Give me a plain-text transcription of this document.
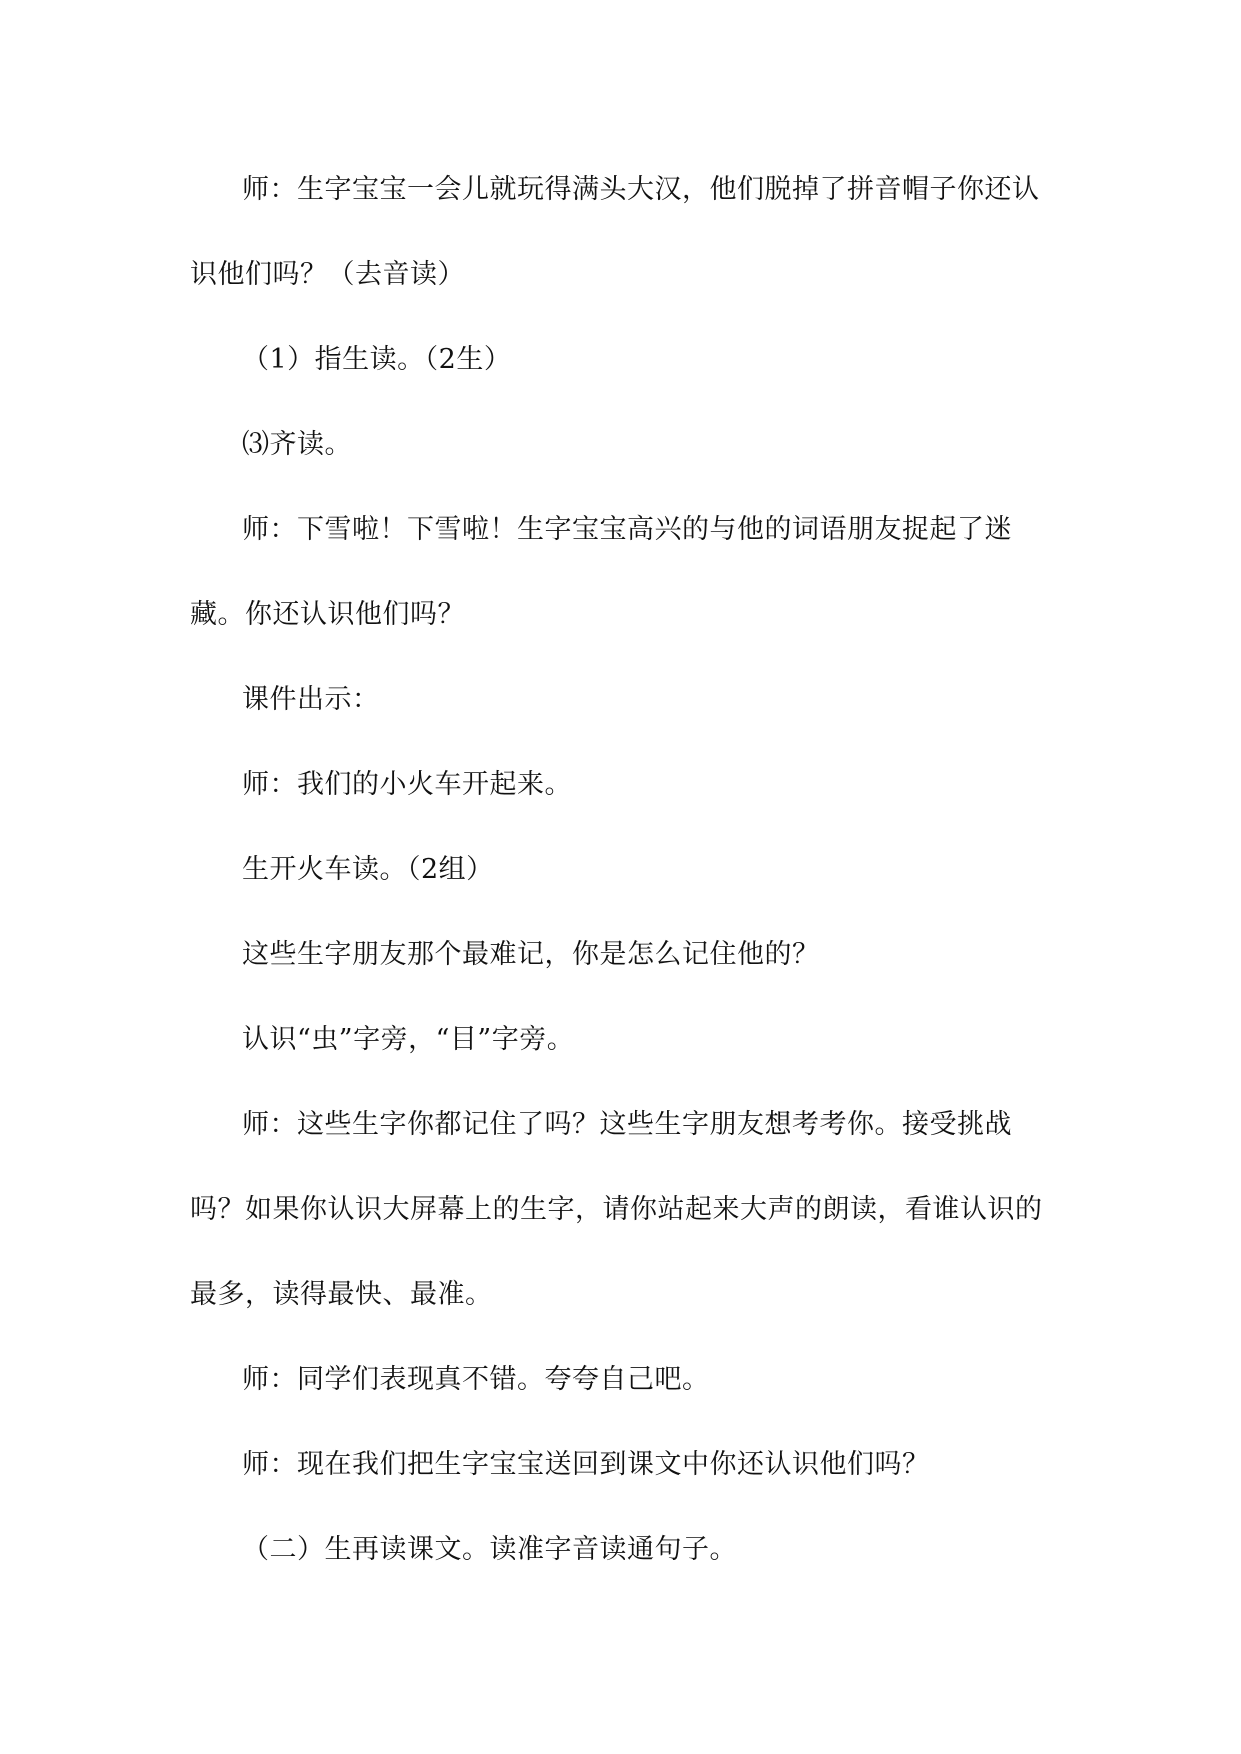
师：生字宝宝一会儿就玩得满头大汉，他们脱掉了拼音帽子你还认识他们吗？（去音读）

（1）指生读。（2生）

⑶齐读。

师：下雪啦！下雪啦！生字宝宝高兴的与他的词语朋友捉起了迷藏。你还认识他们吗？

课件出示：

师：我们的小火车开起来。

生开火车读。（2组）

这些生字朋友那个最难记，你是怎么记住他的？

认识“虫”字旁，“目”字旁。

师：这些生字你都记住了吗？这些生字朋友想考考你。接受挑战吗？如果你认识大屏幕上的生字，请你站起来大声的朗读，看谁认识的最多，读得最快、最准。

师：同学们表现真不错。夸夸自己吧。

师：现在我们把生字宝宝送回到课文中你还认识他们吗？

（二）生再读课文。读准字音读通句子。
